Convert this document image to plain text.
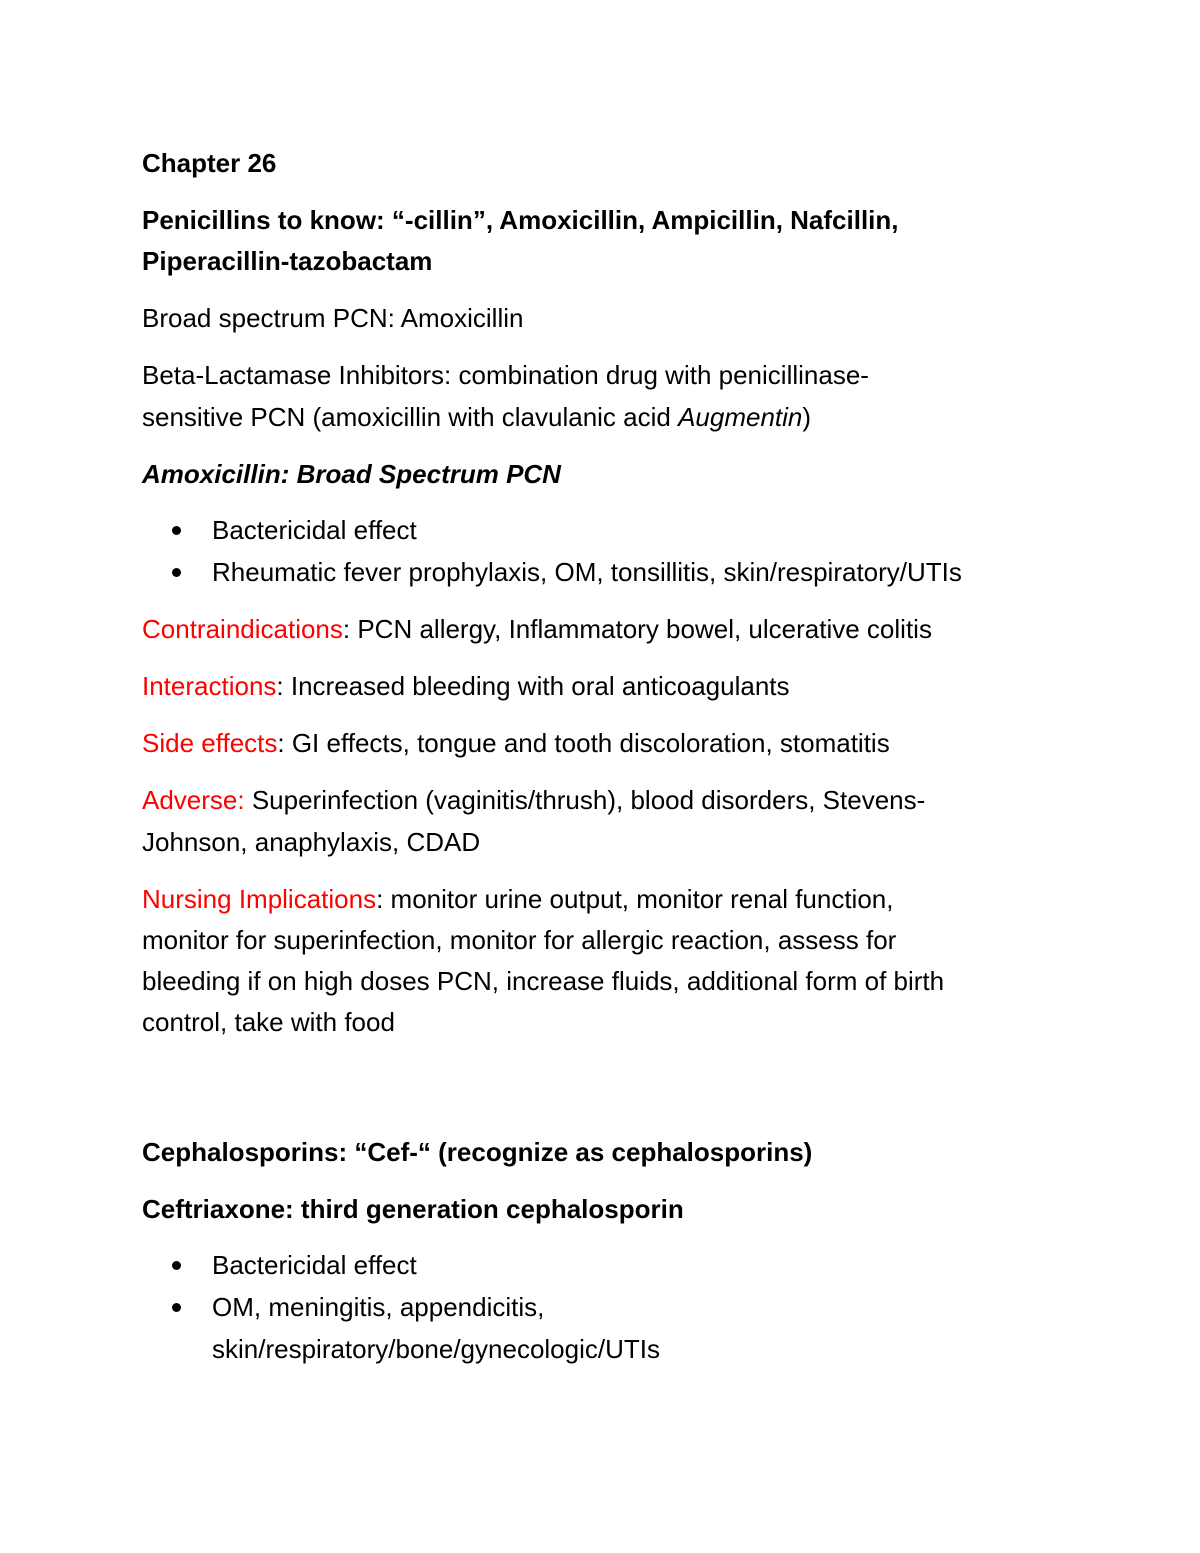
Chapter 26
Penicillins to know: “-cillin”, Amoxicillin, Ampicillin, Nafcillin,
Piperacillin-tazobactam
Broad spectrum PCN: Amoxicillin
Beta-Lactamase Inhibitors: combination drug with penicillinase-
sensitive PCN (amoxicillin with clavulanic acid Augmentin)
Amoxicillin: Broad Spectrum PCN
Bactericidal effect
Rheumatic fever prophylaxis, OM, tonsillitis, skin/respiratory/UTIs
Contraindications: PCN allergy, Inflammatory bowel, ulcerative colitis
Interactions: Increased bleeding with oral anticoagulants
Side effects: GI effects, tongue and tooth discoloration, stomatitis
Adverse: Superinfection (vaginitis/thrush), blood disorders, Stevens-
Johnson, anaphylaxis, CDAD
Nursing Implications: monitor urine output, monitor renal function,
monitor for superinfection, monitor for allergic reaction, assess for
bleeding if on high doses PCN, increase fluids, additional form of birth
control, take with food
Cephalosporins: “Cef-“ (recognize as cephalosporins)
Ceftriaxone: third generation cephalosporin
Bactericidal effect
OM, meningitis, appendicitis,
skin/respiratory/bone/gynecologic/UTIs
